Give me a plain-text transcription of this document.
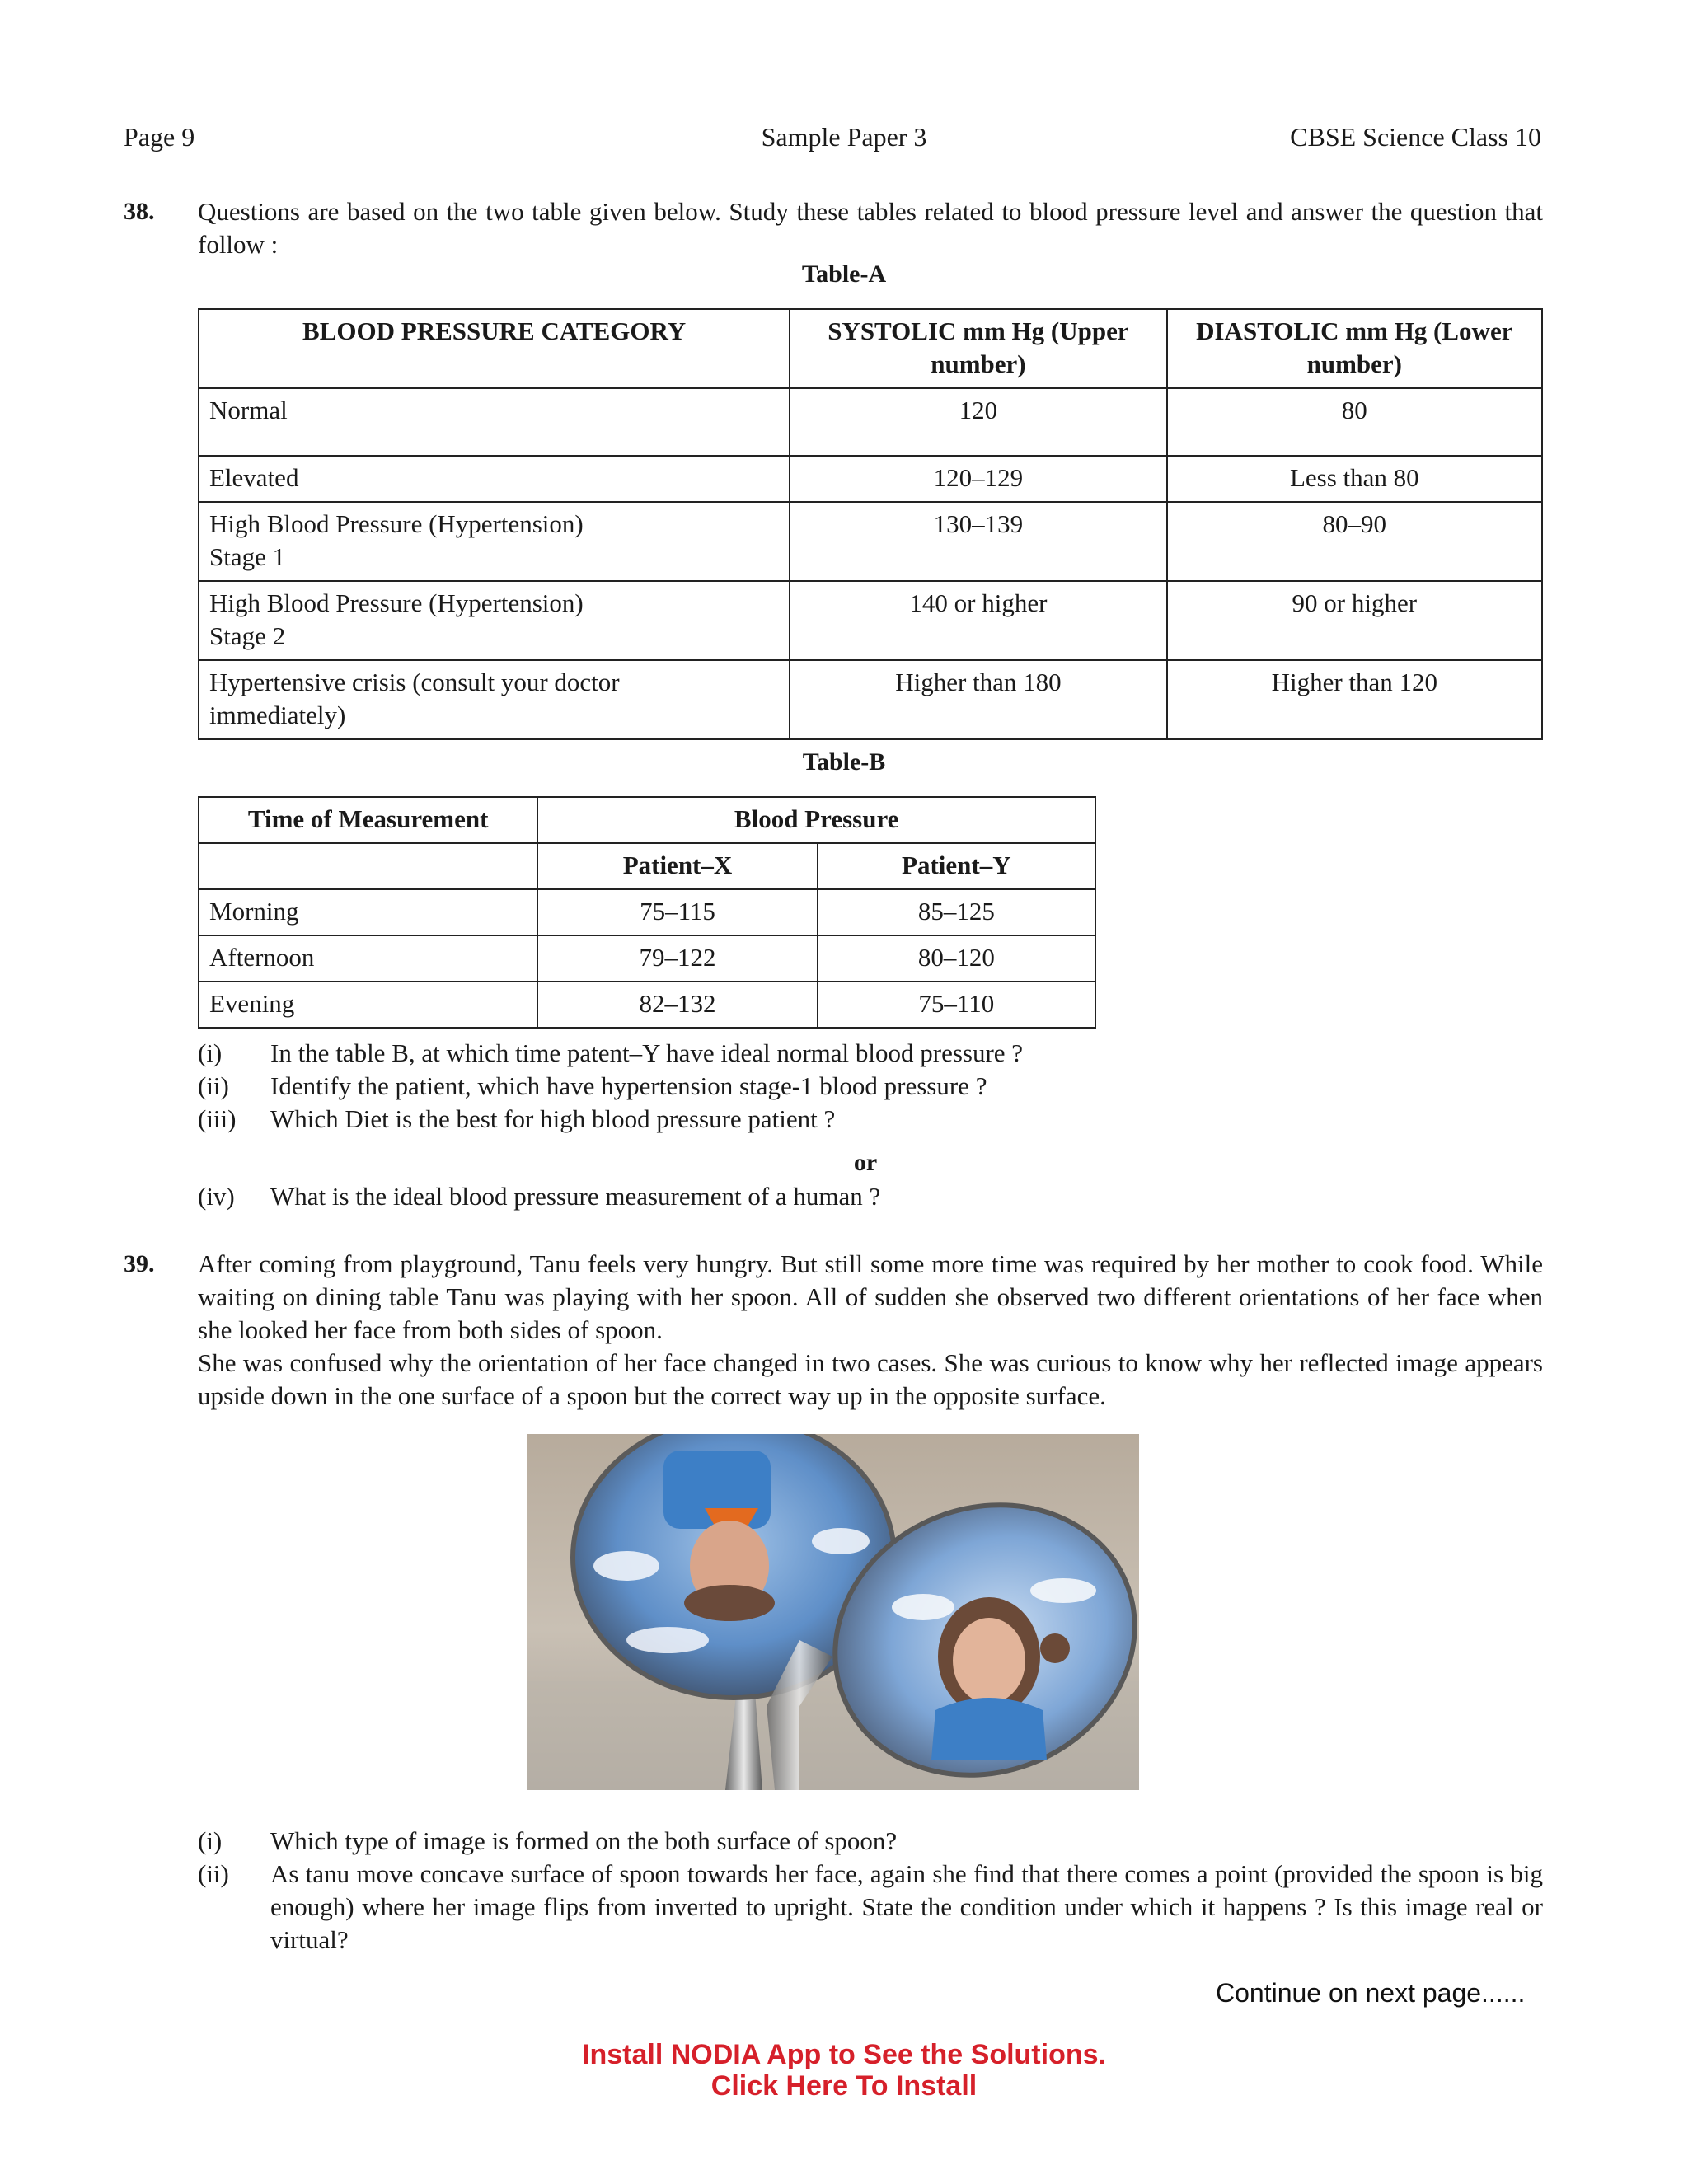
Page 9	Sample Paper 3	CBSE Science Class 10
38. Questions are based on the two table given below. Study these tables related to blood pressure level and answer the question that follow :

Table-A
BLOOD PRESSURE CATEGORY	SYSTOLIC mm Hg (Upper number)	DIASTOLIC mm Hg (Lower number)
Normal	120	80
Elevated	120–129	Less than 80
High Blood Pressure (Hypertension) Stage 1	130–139	80–90
High Blood Pressure (Hypertension) Stage 2	140 or higher	90 or higher
Hypertensive crisis (consult your doctor immediately)	Higher than 180	Higher than 120
Table-B
Time of Measurement	Blood Pressure	
	Patient–X	Patient–Y
Morning	75–115	85–125
Afternoon	79–122	80–120
Evening	82–132	75–110
(i) In the table B, at which time patent–Y have ideal normal blood pressure ?
(ii) Identify the patient, which have hypertension stage-1 blood pressure ?
(iii) Which Diet is the best for high blood pressure patient ?
or
(iv) What is the ideal blood pressure measurement of a human ?
39. After coming from playground, Tanu feels very hungry. But still some more time was required by her mother to cook food. While waiting on dining table Tanu was playing with her spoon. All of sudden she observed two different orientations of her face when she looked her face from both sides of spoon.

She was confused why the orientation of her face changed in two cases. She was curious to know why her reflected image appears upside down in the one surface of a spoon but the correct way up in the opposite surface.

(i) Which type of image is formed on the both surface of spoon?
(ii) As tanu move concave surface of spoon towards her face, again she find that there comes a point (provided the spoon is big enough) where her image flips from inverted to upright. State the condition under which it happens ? Is this image real or virtual?
Continue on next page......
Install NODIA App to See the Solutions.
Click Here To Install
